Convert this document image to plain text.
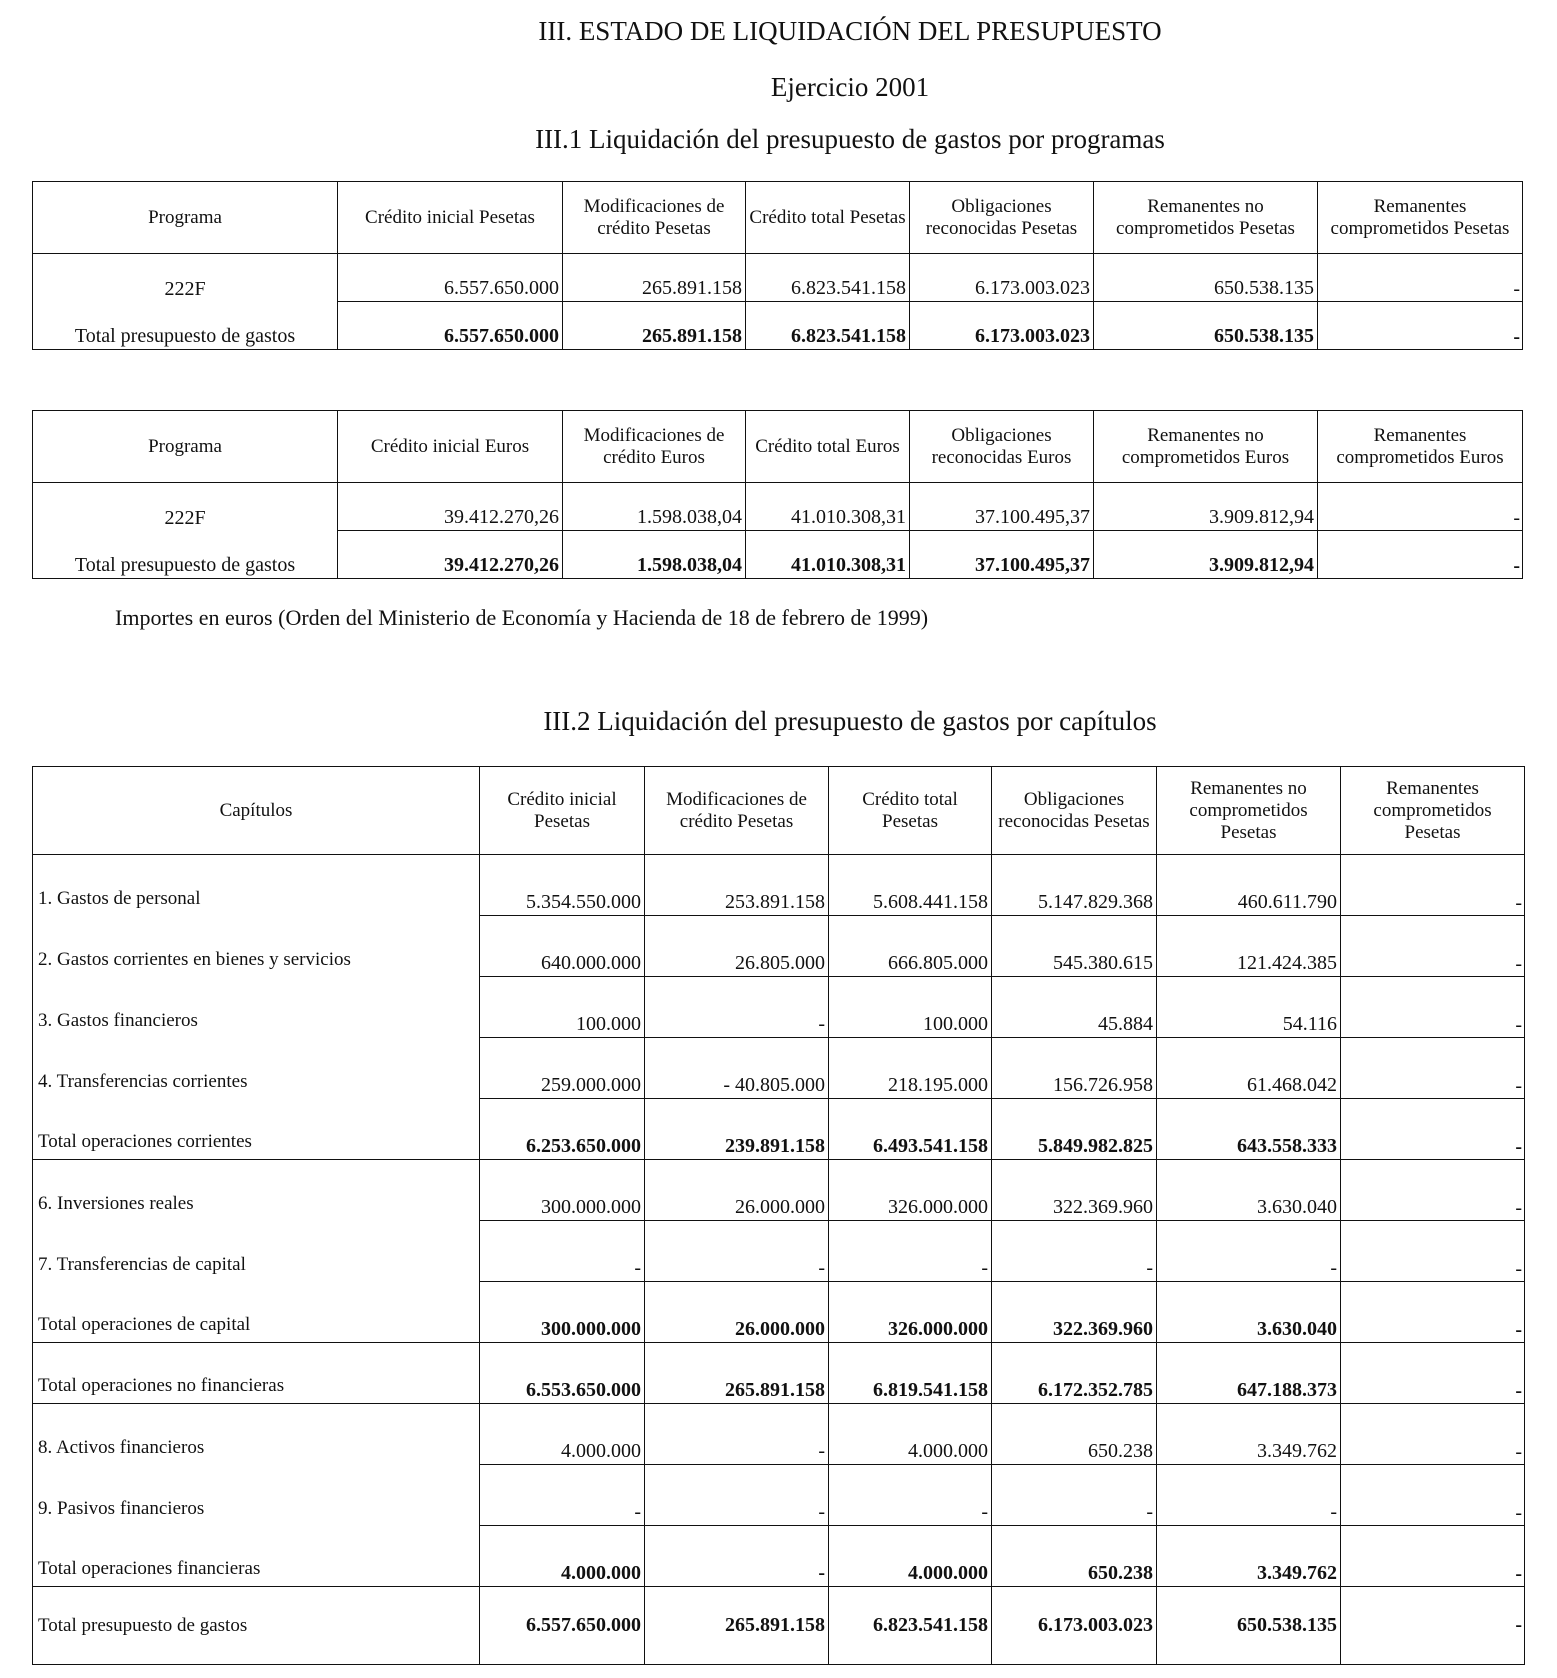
III. ESTADO DE LIQUIDACIÓN DEL PRESUPUESTO
Ejercicio 2001
III.1 Liquidación del presupuesto de gastos por programas
Programa	Crédito inicial Pesetas	Modificaciones de crédito Pesetas	Crédito total Pesetas	Obligaciones reconocidas Pesetas	Remanentes no comprometidos Pesetas	Remanentes comprometidos Pesetas
222F	6.557.650.000	265.891.158	6.823.541.158	6.173.003.023	650.538.135	-
Total presupuesto de gastos	6.557.650.000	265.891.158	6.823.541.158	6.173.003.023	650.538.135	-
Programa	Crédito inicial Euros	Modificaciones de crédito Euros	Crédito total Euros	Obligaciones reconocidas Euros	Remanentes no comprometidos Euros	Remanentes comprometidos Euros
222F	39.412.270,26	1.598.038,04	41.010.308,31	37.100.495,37	3.909.812,94	-
Total presupuesto de gastos	39.412.270,26	1.598.038,04	41.010.308,31	37.100.495,37	3.909.812,94	-
Importes en euros (Orden del Ministerio de Economía y Hacienda de 18 de febrero de 1999)
III.2 Liquidación del presupuesto de gastos por capítulos
Capítulos	Crédito inicial Pesetas	Modificaciones de crédito Pesetas	Crédito total Pesetas	Obligaciones reconocidas Pesetas	Remanentes no comprometidos Pesetas	Remanentes comprometidos Pesetas
1. Gastos de personal	5.354.550.000	253.891.158	5.608.441.158	5.147.829.368	460.611.790	-
2. Gastos corrientes en bienes y servicios	640.000.000	26.805.000	666.805.000	545.380.615	121.424.385	-
3. Gastos financieros	100.000	-	100.000	45.884	54.116	-
4. Transferencias corrientes	259.000.000	- 40.805.000	218.195.000	156.726.958	61.468.042	-
Total operaciones corrientes	6.253.650.000	239.891.158	6.493.541.158	5.849.982.825	643.558.333	-
6. Inversiones reales	300.000.000	26.000.000	326.000.000	322.369.960	3.630.040	-
7. Transferencias de capital	-	-	-	-	-	-
Total operaciones de capital	300.000.000	26.000.000	326.000.000	322.369.960	3.630.040	-
Total operaciones no financieras	6.553.650.000	265.891.158	6.819.541.158	6.172.352.785	647.188.373	-
8. Activos financieros	4.000.000	-	4.000.000	650.238	3.349.762	-
9. Pasivos financieros	-	-	-	-	-	-
Total operaciones financieras	4.000.000	-	4.000.000	650.238	3.349.762	-
Total presupuesto de gastos	6.557.650.000	265.891.158	6.823.541.158	6.173.003.023	650.538.135	-
